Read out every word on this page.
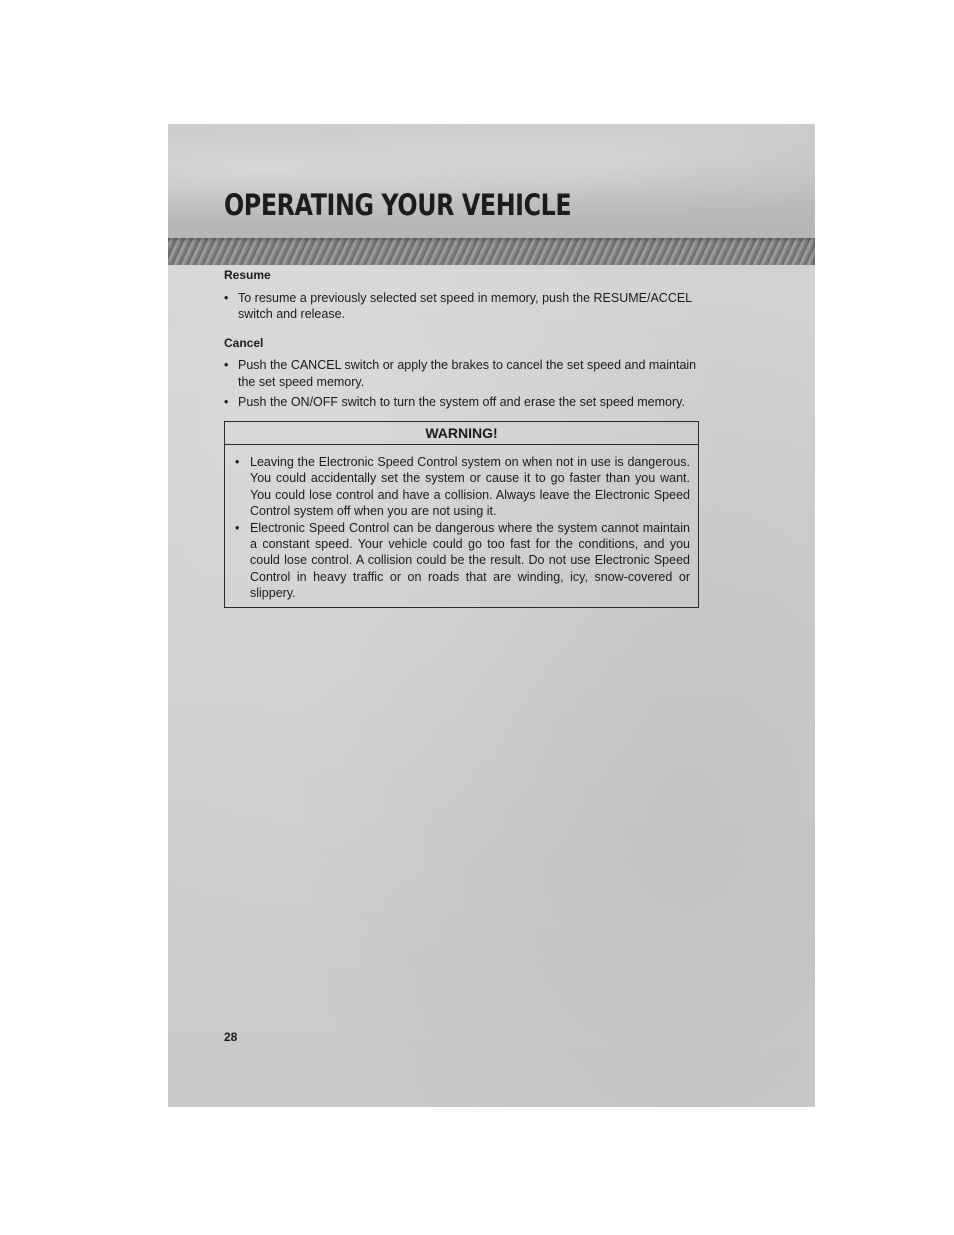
OPERATING YOUR VEHICLE
Resume
• To resume a previously selected set speed in memory, push the RESUME/ACCEL switch and release.
Cancel
• Push the CANCEL switch or apply the brakes to cancel the set speed and maintain the set speed memory.
• Push the ON/OFF switch to turn the system off and erase the set speed memory.
WARNING!

• Leaving the Electronic Speed Control system on when not in use is dangerous. You could accidentally set the system or cause it to go faster than you want. You could lose control and have a collision. Always leave the Electronic Speed Control system off when you are not using it.

• Electronic Speed Control can be dangerous where the system cannot maintain a constant speed. Your vehicle could go too fast for the conditions, and you could lose control. A collision could be the result. Do not use Electronic Speed Control in heavy traffic or on roads that are winding, icy, snow-covered or slippery.

28
